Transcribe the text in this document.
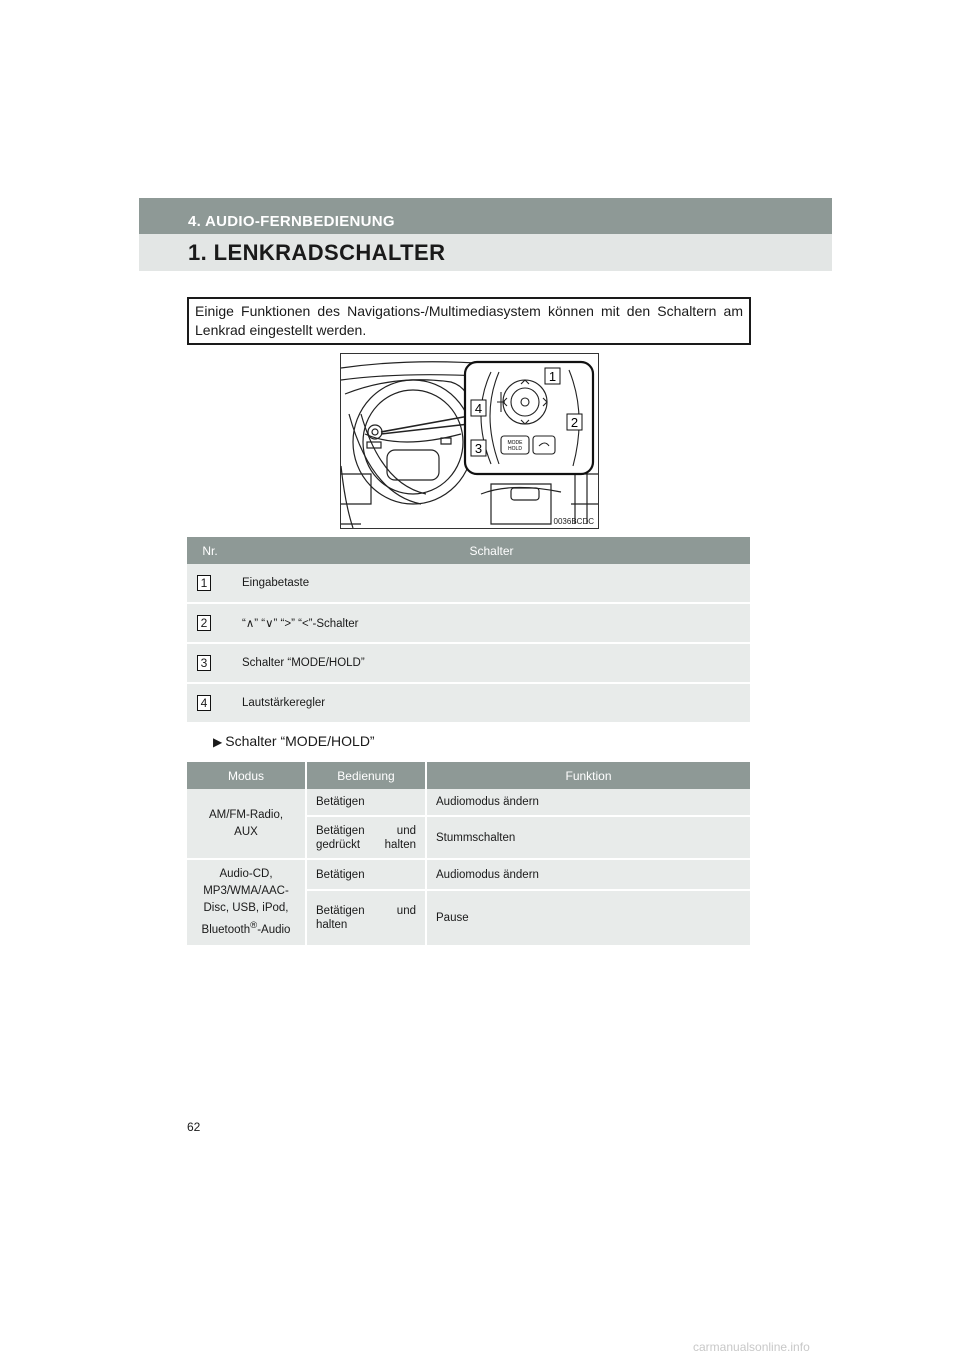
4. AUDIO-FERNBEDIENUNG
1. LENKRADSCHALTER
Einige Funktionen des Navigations-/Multimediasystem können mit den Schaltern am Lenkrad eingestellt werden.
MODE
HOLD
1
2
3
4
0036BCDC
Nr.	Schalter
1	Eingabetaste
2	“∧” “∨” “>” “<”-Schalter
3	Schalter “MODE/HOLD”
4	Lautstärkeregler
▶ Schalter “MODE/HOLD”
Modus	Bedienung	Funktion
AM/FM-Radio, AUX	Betätigen	Audiomodus ändern
	Betätigen und gedrückt halten	Stummschalten
Audio-CD,
MP3/WMA/AAC-
Disc, USB, iPod,
Bluetooth®-Audio	Betätigen	Audiomodus ändern
	Betätigen und halten	Pause
62
carmanualsonline.info
